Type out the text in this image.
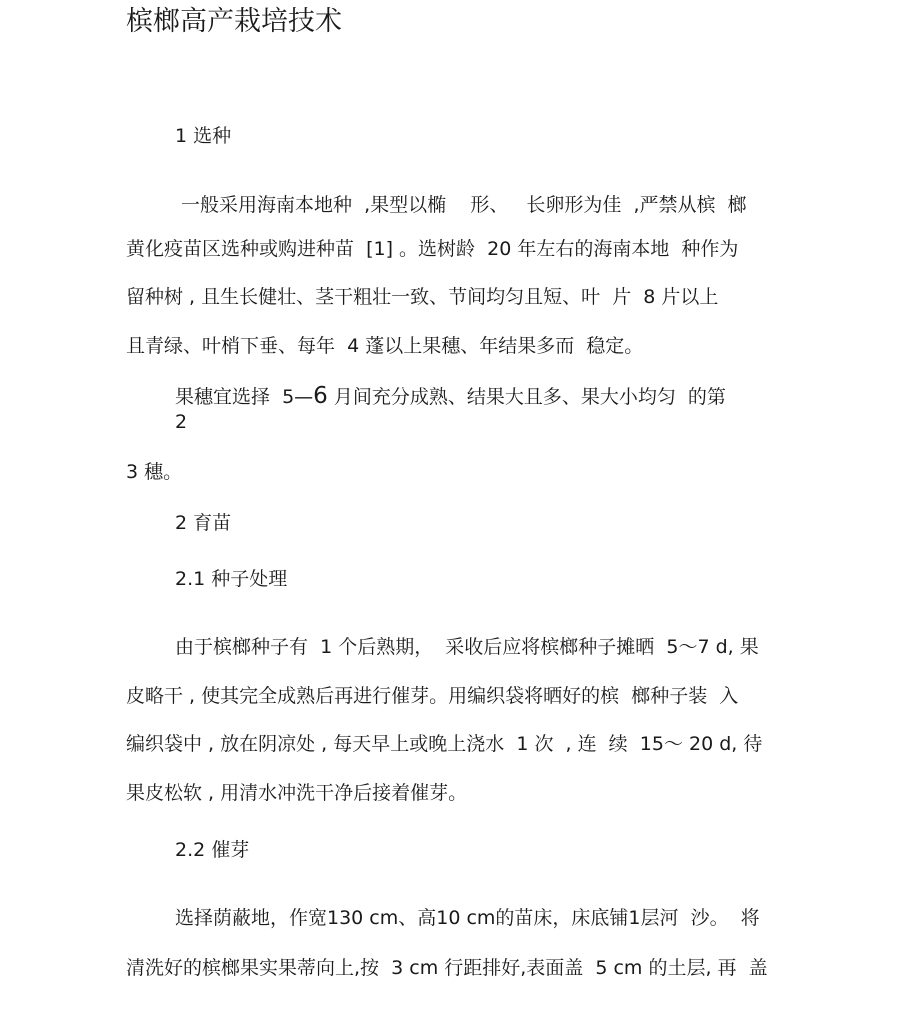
槟榔高产栽培技术
1 选种
一般采用海南本地种  ,果型以椭    形、   长卵形为佳  ,严禁从槟  榔
黄化疫苗区选种或购进种苗  [1] 。选树龄  20 年左右的海南本地  种作为
留种树 , 且生长健壮、茎干粗壮一致、节间均匀且短、叶  片  8 片以上
且青绿、叶梢下垂、每年  4 蓬以上果穗、年结果多而  稳定。
果穗宜选择  5—6 月间充分成熟、结果大且多、果大小均匀  的第
2
3 穗。
2 育苗
2.1 种子处理
由于槟榔种子有  1 个后熟期，  采收后应将槟榔种子摊晒  5～7 d, 果
皮略干 , 使其完全成熟后再进行催芽。用编织袋将晒好的槟  榔种子装  入
编织袋中 , 放在阴凉处 , 每天早上或晚上浇水  1 次  , 连  续  15～ 20 d, 待
果皮松软 , 用清水冲洗干净后接着催芽。
2.2 催芽
选择荫蔽地，作宽130 cm、高10 cm的苗床，床底铺1层河  沙。  将
清洗好的槟榔果实果蒂向上,按  3 cm 行距排好,表面盖  5 cm 的土层, 再  盖
